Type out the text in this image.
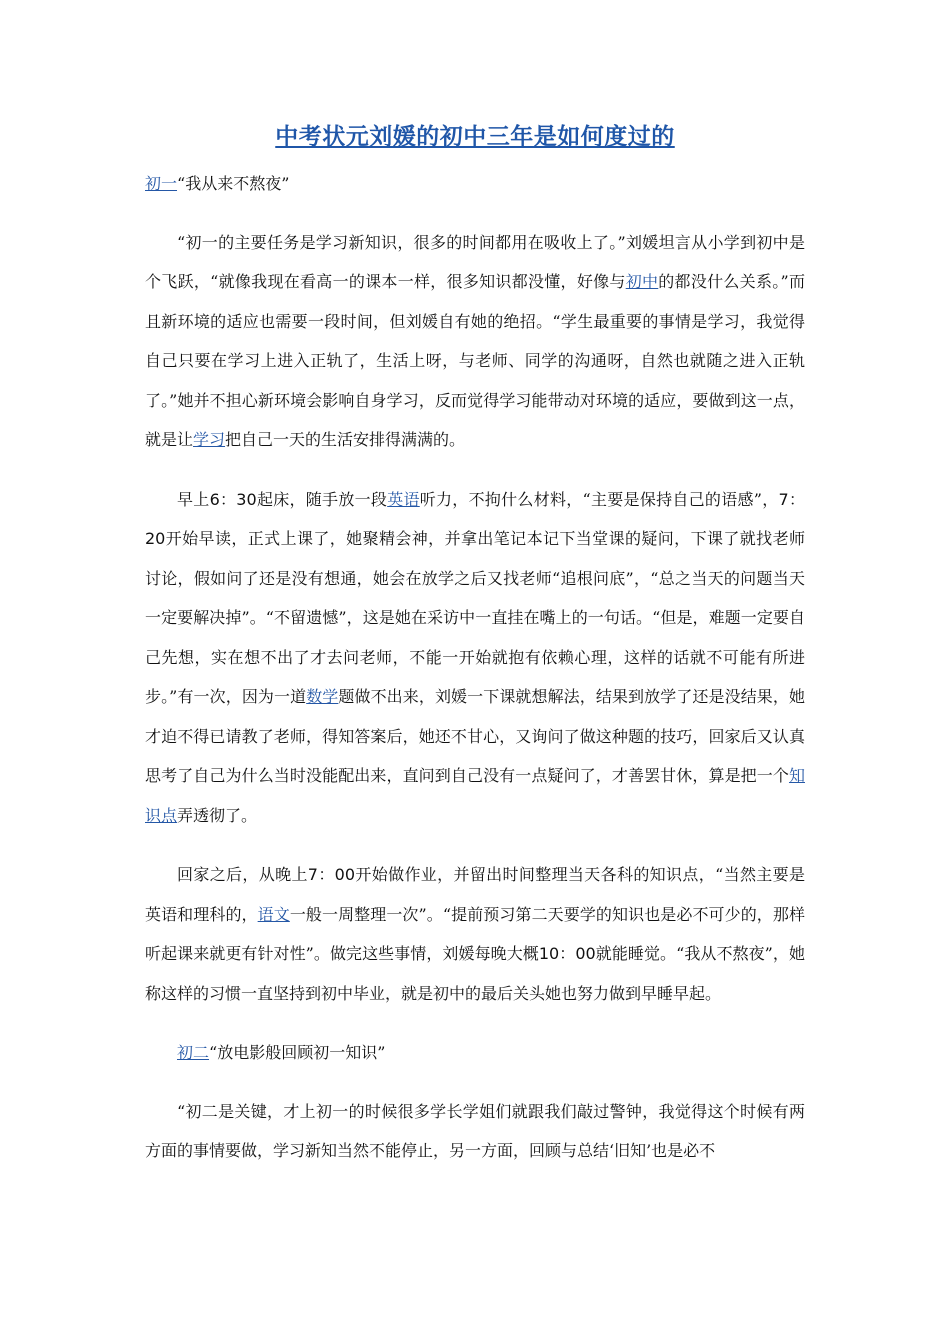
中考状元刘媛的初中三年是如何度过的

初一“我从来不熬夜”

“初一的主要任务是学习新知识，很多的时间都用在吸收上了。”刘媛坦言从小学到初中是个飞跃，“就像我现在看高一的课本一样，很多知识都没懂，好像与初中的都没什么关系。”而且新环境的适应也需要一段时间，但刘媛自有她的绝招。“学生最重要的事情是学习，我觉得自己只要在学习上进入正轨了，生活上呀，与老师、同学的沟通呀，自然也就随之进入正轨了。”她并不担心新环境会影响自身学习，反而觉得学习能带动对环境的适应，要做到这一点，就是让学习把自己一天的生活安排得满满的。

早上6：30起床，随手放一段英语听力，不拘什么材料，“主要是保持自己的语感”，7：20开始早读，正式上课了，她聚精会神，并拿出笔记本记下当堂课的疑问，下课了就找老师讨论，假如问了还是没有想通，她会在放学之后又找老师“追根问底”，“总之当天的问题当天一定要解决掉”。“不留遗憾”，这是她在采访中一直挂在嘴上的一句话。“但是，难题一定要自己先想，实在想不出了才去问老师，不能一开始就抱有依赖心理，这样的话就不可能有所进步。”有一次，因为一道数学题做不出来，刘媛一下课就想解法，结果到放学了还是没结果，她才迫不得已请教了老师，得知答案后，她还不甘心，又询问了做这种题的技巧，回家后又认真思考了自己为什么当时没能配出来，直问到自己没有一点疑问了，才善罢甘休，算是把一个知识点弄透彻了。

回家之后，从晚上7：00开始做作业，并留出时间整理当天各科的知识点，“当然主要是英语和理科的，语文一般一周整理一次”。“提前预习第二天要学的知识也是必不可少的，那样听起课来就更有针对性”。做完这些事情，刘媛每晚大概10：00就能睡觉。“我从不熬夜”，她称这样的习惯一直坚持到初中毕业，就是初中的最后关头她也努力做到早睡早起。

初二“放电影般回顾初一知识”

“初二是关键，才上初一的时候很多学长学姐们就跟我们敲过警钟，我觉得这个时候有两方面的事情要做，学习新知当然不能停止，另一方面，回顾与总结‘旧知’也是必不
